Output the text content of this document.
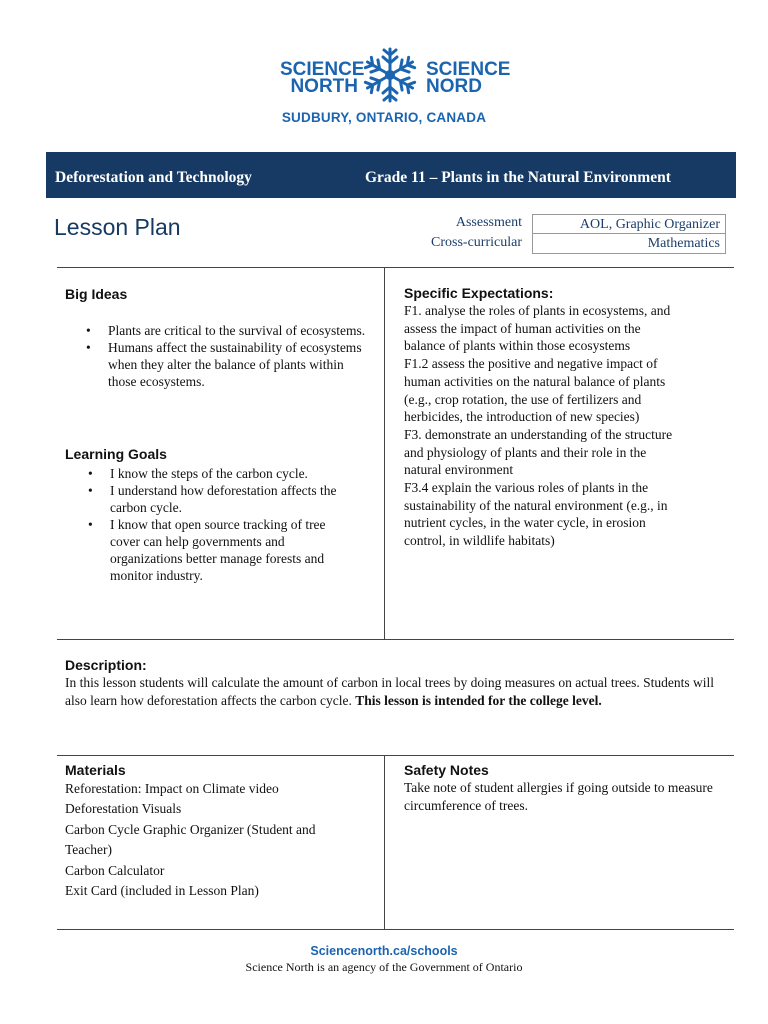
SCIENCE
NORTH
SCIENCE
NORD
SUDBURY, ONTARIO, CANADA
Deforestation and Technology	Grade 11 – Plants in the Natural Environment
Lesson Plan	Assessment	AOL, Graphic Organizer
Cross-curricular	Mathematics
Big Ideas
• Plants are critical to the survival of ecosystems.
• Humans affect the sustainability of ecosystems when they alter the balance of plants within those ecosystems.
Learning Goals
• I know the steps of the carbon cycle.
• I understand how deforestation affects the carbon cycle.
• I know that open source tracking of tree cover can help governments and organizations better manage forests and monitor industry.
Specific Expectations:
F1. analyse the roles of plants in ecosystems, and
assess the impact of human activities on the
balance of plants within those ecosystems
F1.2 assess the positive and negative impact of
human activities on the natural balance of plants
(e.g., crop rotation, the use of fertilizers and
herbicides, the introduction of new species)
F3. demonstrate an understanding of the structure
and physiology of plants and their role in the
natural environment
F3.4 explain the various roles of plants in the
sustainability of the natural environment (e.g., in
nutrient cycles, in the water cycle, in erosion
control, in wildlife habitats)
Description:
In this lesson students will calculate the amount of carbon in local trees by doing measures on actual trees. Students will also learn how deforestation affects the carbon cycle. This lesson is intended for the college level.
Materials
Reforestation: Impact on Climate video
Deforestation Visuals
Carbon Cycle Graphic Organizer (Student and Teacher)
Carbon Calculator
Exit Card (included in Lesson Plan)
Safety Notes
Take note of student allergies if going outside to measure circumference of trees.
Sciencenorth.ca/schools
Science North is an agency of the Government of Ontario
